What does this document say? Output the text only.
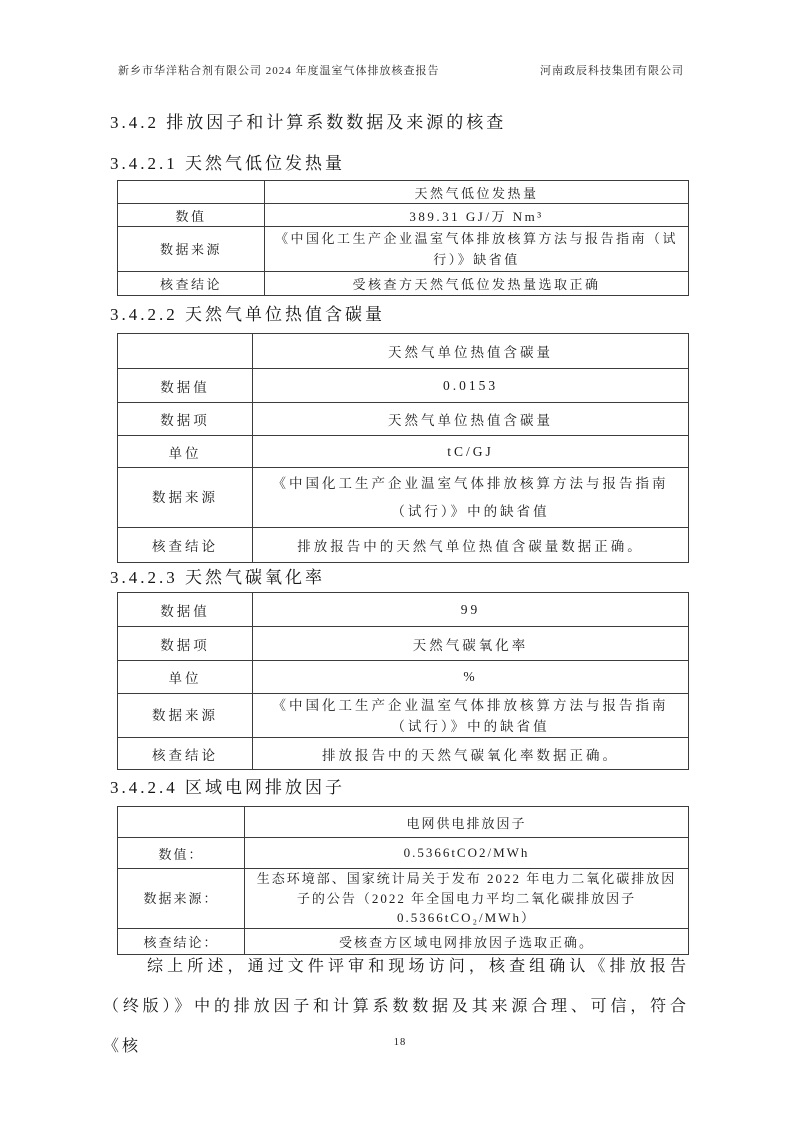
新乡市华洋粘合剂有限公司 2024 年度温室气体排放核查报告	河南政辰科技集团有限公司
3.4.2 排放因子和计算系数数据及来源的核查
3.4.2.1 天然气低位发热量
	天然气低位发热量
数值	389.31 GJ/万 Nm³
数据来源	《中国化工生产企业温室气体排放核算方法与报告指南（试行）》缺省值
核查结论	受核查方天然气低位发热量选取正确
3.4.2.2 天然气单位热值含碳量
	天然气单位热值含碳量
数据值	0.0153
数据项	天然气单位热值含碳量
单位	tC/GJ
数据来源	《中国化工生产企业温室气体排放核算方法与报告指南（试行）》中的缺省值
核查结论	排放报告中的天然气单位热值含碳量数据正确。
3.4.2.3 天然气碳氧化率
数据值	99
数据项	天然气碳氧化率
单位	%
数据来源	《中国化工生产企业温室气体排放核算方法与报告指南（试行）》中的缺省值
核查结论	排放报告中的天然气碳氧化率数据正确。
3.4.2.4 区域电网排放因子
	电网供电排放因子
数值：	0.5366tCO2/MWh
数据来源：	生态环境部、国家统计局关于发布 2022 年电力二氧化碳排放因子的公告（2022 年全国电力平均二氧化碳排放因子 0.5366tCO₂/MWh）
核查结论：	受核查方区域电网排放因子选取正确。

综上所述，通过文件评审和现场访问，核查组确认《排放报告（终版）》中的排放因子和计算系数数据及其来源合理、可信，符合《核	18
